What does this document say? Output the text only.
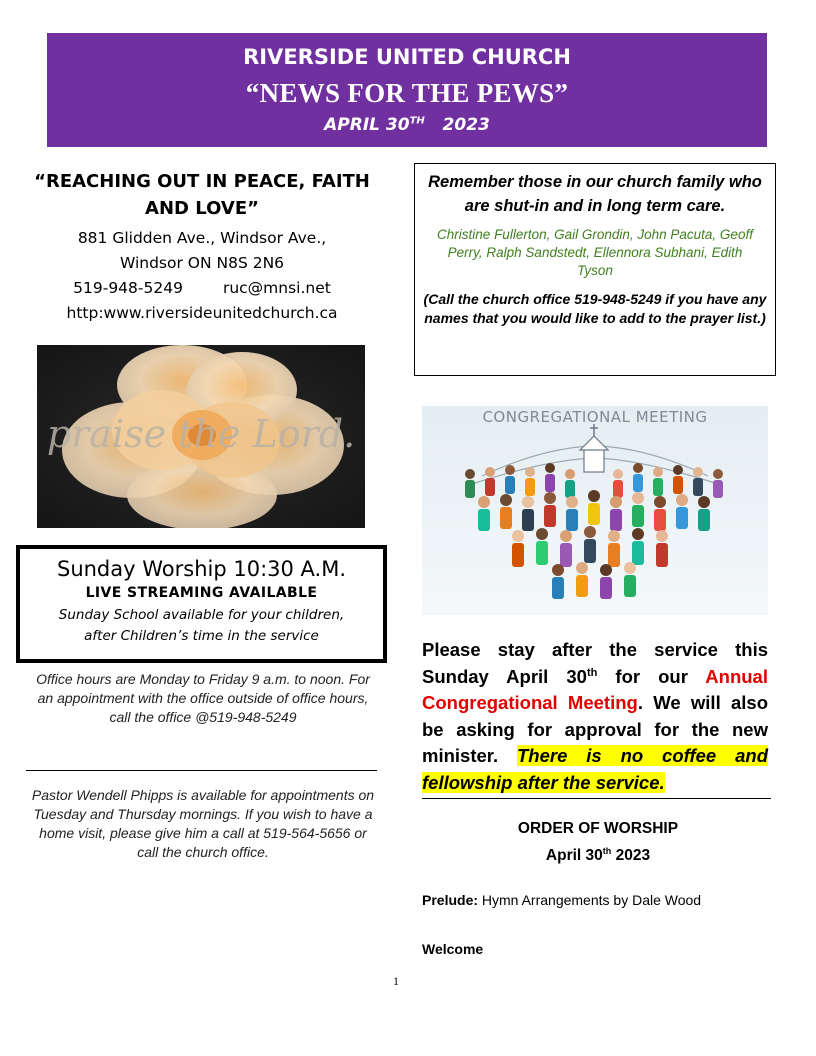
RIVERSIDE UNITED CHURCH
“NEWS FOR THE PEWS”
APRIL 30TH 2023
“REACHING OUT IN PEACE, FAITH AND LOVE”
881 Glidden Ave., Windsor Ave.,
Windsor ON N8S 2N6
519-948-5249	ruc@mnsi.net
http:www.riversideunitedchurch.ca
praise the Lord.
Sunday Worship 10:30 A.M.
LIVE STREAMING AVAILABLE
Sunday School available for your children,
after Children’s time in the service
Office hours are Monday to Friday 9 a.m. to noon. For an appointment with the office outside of office hours, call the office @519-948-5249
Pastor Wendell Phipps is available for appointments on Tuesday and Thursday mornings. If you wish to have a home visit, please give him a call at 519-564-5656 or call the church office.
Remember those in our church family who are shut-in and in long term care.
Christine Fullerton, Gail Grondin, John Pacuta, Geoff Perry, Ralph Sandstedt, Ellennora Subhani, Edith Tyson
(Call the church office 519-948-5249 if you have any names that you would like to add to the prayer list.)
CONGREGATIONAL MEETING
Please stay after the service this Sunday April 30th for our Annual Congregational Meeting. We will also be asking for approval for the new minister. There is no coffee and fellowship after the service.
ORDER OF WORSHIP
April 30th 2023
Prelude: Hymn Arrangements by Dale Wood
Welcome
1
